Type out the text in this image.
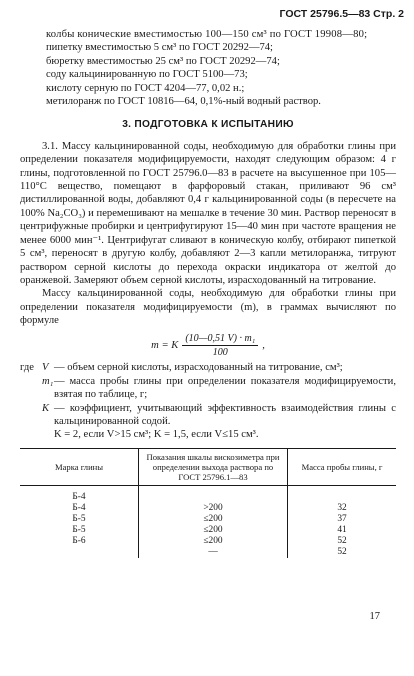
ГОСТ 25796.5—83 Стр. 2

колбы конические вместимостью 100—150 см³ по ГОСТ 19908—80;

пипетку вместимостью 5 см³ по ГОСТ 20292—74;

бюретку вместимостью 25 см³ по ГОСТ 20292—74;

соду кальцинированную по ГОСТ 5100—73;

кислоту серную по ГОСТ 4204—77, 0,02 н.;

метилоранж по ГОСТ 10816—64, 0,1%-ный водный раствор.

3. ПОДГОТОВКА К ИСПЫТАНИЮ

3.1. Массу кальцинированной соды, необходимую для обработки глины при определении показателя модифицируемости, находят следующим образом: 4 г глины, подготовленной по ГОСТ 25796.0—83 в расчете на высушенное при 105—110°С вещество, помещают в фарфоровый стакан, приливают 96 см³ дистиллированной воды, добавляют 0,4 г кальцинированной соды (в пересчете на 100% Na₂CO₃) и перемешивают на мешалке в течение 30 мин. Раствор переносят в центрифужные пробирки и центрифугируют 15—40 мин при частоте вращения не менее 6000 мин⁻¹. Центрифугат сливают в коническую колбу, отбирают пипеткой 5 см³, переносят в другую колбу, добавляют 2—3 капли метилоранжа, титруют раствором серной кислоты до перехода окраски индикатора от желтой до оранжевой. Замеряют объем серной кислоты, израсходованный на титрование.

Массу кальцинированной соды, необходимую для обработки глины при определении показателя модифицируемости (m), в граммах вычисляют по формуле

m = K $\frac{\text{(10—0,51 V) · m₁}}{100}$ ,
где V — объем серной кислоты, израсходованный на титрование, см³;
m₁ — масса пробы глины при определении показателя модифицируемости, взятая по таблице, г;
K — коэффициент, учитывающий эффективность взаимодействия глины с кальцинированной содой.

K = 2, если V>15 см³; K = 1,5, если V≤15 см³.

Марка глины	Показания шкалы вискозиметра при определении выхода раствора по ГОСТ 25796.1—83	Масса пробы глины, г
Б-4		
Б-4	>200	32
Б-5	≤200	37
Б-5	≤200	41
Б-6	≤200	52
	—	52
17
